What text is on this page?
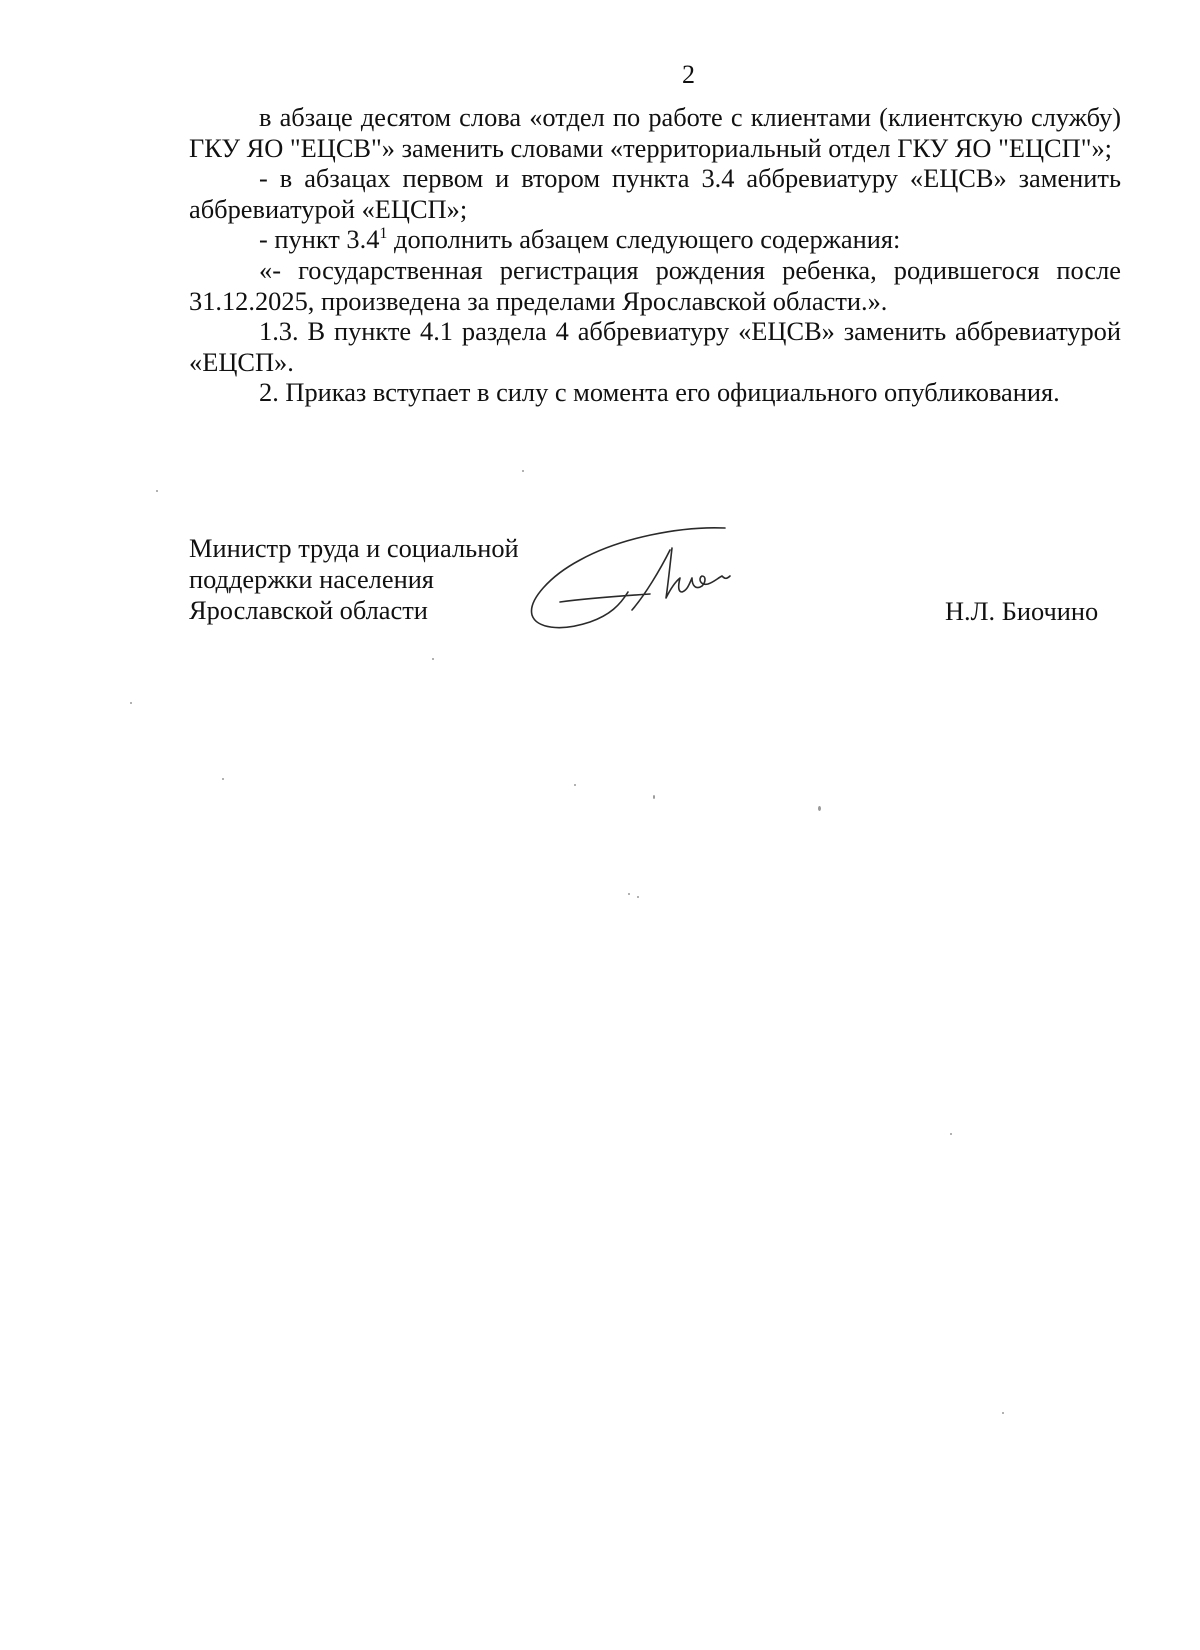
2

в абзаце десятом слова «отдел по работе с клиентами (клиентскую службу) ГКУ ЯО "ЕЦСВ"» заменить словами «территориальный отдел ГКУ ЯО "ЕЦСП"»;

- в абзацах первом и втором пункта 3.4 аббревиатуру «ЕЦСВ» заменить аббревиатурой «ЕЦСП»;

- пункт $3.4^1$ дополнить абзацем следующего содержания:

«- государственная регистрация рождения ребенка, родившегося после 31.12.2025, произведена за пределами Ярославской области.».

1.3. В пункте 4.1 раздела 4 аббревиатуру «ЕЦСВ» заменить аббревиатурой «ЕЦСП».

2. Приказ вступает в силу с момента его официального опубликования.

Министр труда и социальной
поддержки населения
Ярославской области	Н.Л. Биочино
